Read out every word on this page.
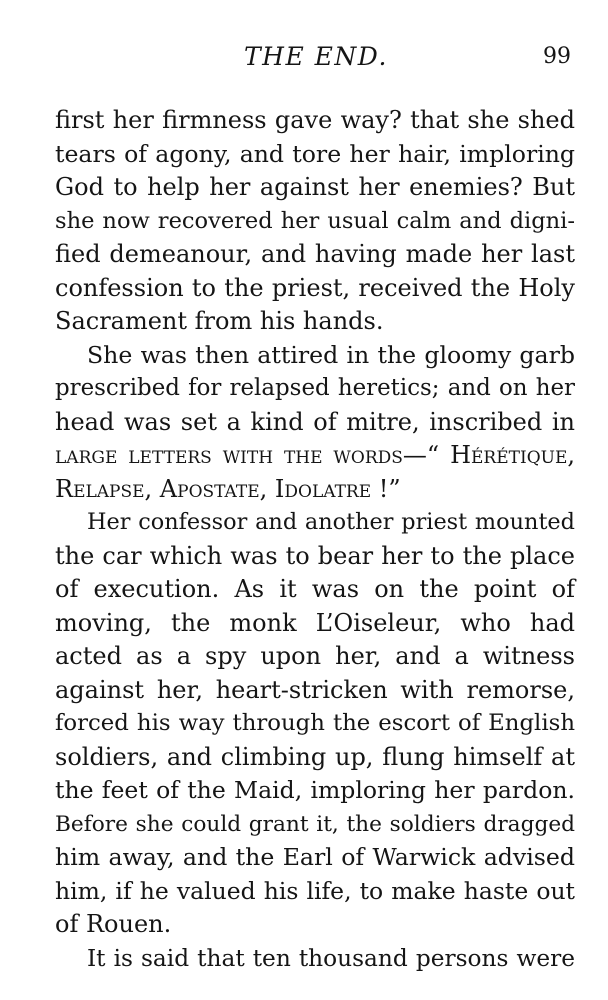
THE END.	99

first her firmness gave way? that she shed
tears of agony, and tore her hair, imploring
God to help her against her enemies? But
she now recovered her usual calm and digni-
fied demeanour, and having made her last
confession to the priest, received the Holy
Sacrament from his hands.

She was then attired in the gloomy garb
prescribed for relapsed heretics; and on her
head was set a kind of mitre, inscribed in
large letters with the words—“ Hérétique,
Relapse, Apostate, Idolatre !”

Her confessor and another priest mounted
the car which was to bear her to the place
of execution. As it was on the point of
moving, the monk L’Oiseleur, who had
acted as a spy upon her, and a witness
against her, heart-stricken with remorse,
forced his way through the escort of English
soldiers, and climbing up, flung himself at
the feet of the Maid, imploring her pardon.
Before she could grant it, the soldiers dragged
him away, and the Earl of Warwick advised
him, if he valued his life, to make haste out
of Rouen.

It is said that ten thousand persons were
